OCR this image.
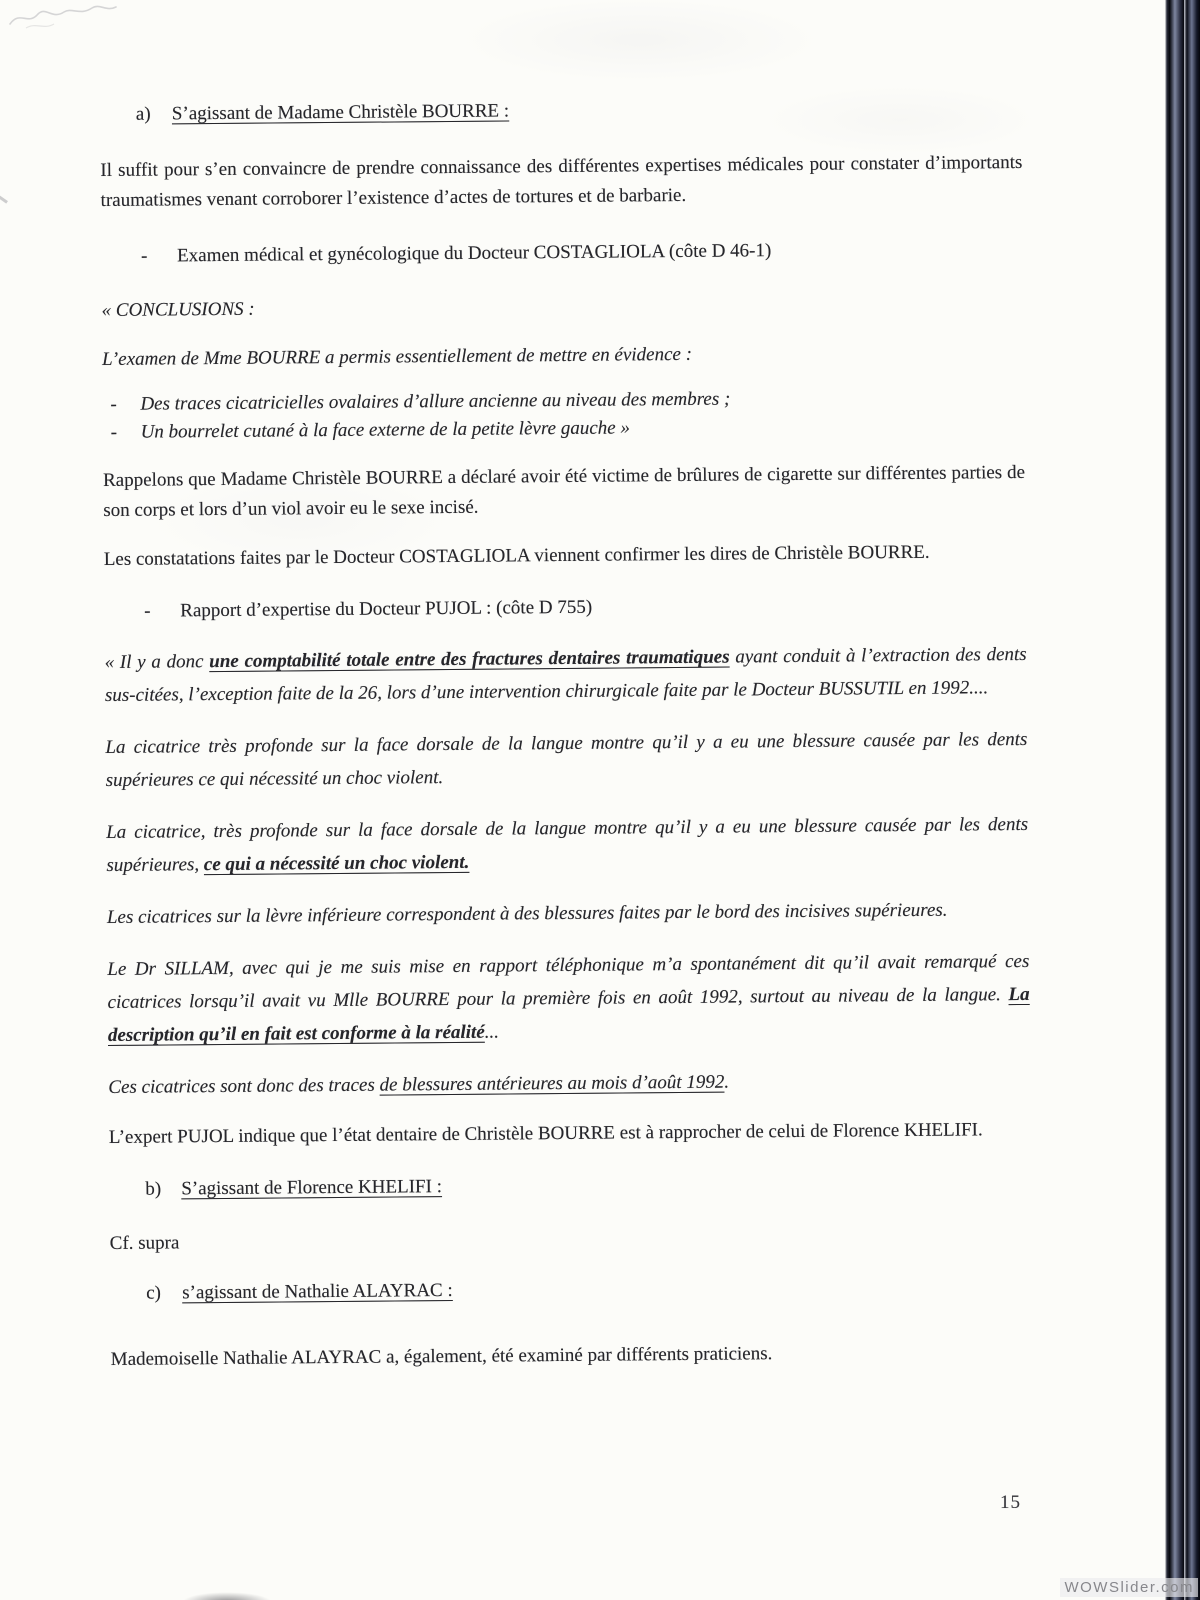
a)	S’agissant de Madame Christèle BOURRE :

Il suffit pour s’en convaincre de prendre connaissance des différentes expertises médicales pour constater d’importants traumatismes venant corroborer l’existence d’actes de tortures et de barbarie.

-	Examen médical et gynécologique du Docteur COSTAGLIOLA (côte D 46-1)

« CONCLUSIONS :

L’examen de Mme BOURRE a permis essentiellement de mettre en évidence :

-	Des traces cicatricielles ovalaires d’allure ancienne au niveau des membres ;
-	Un bourrelet cutané à la face externe de la petite lèvre gauche »

Rappelons que Madame Christèle BOURRE a déclaré avoir été victime de brûlures de cigarette sur différentes parties de son corps et lors d’un viol avoir eu le sexe incisé.

Les constatations faites par le Docteur COSTAGLIOLA viennent confirmer les dires de Christèle BOURRE.

-	Rapport d’expertise du Docteur PUJOL : (côte D 755)

« Il y a donc une comptabilité totale entre des fractures dentaires traumatiques ayant conduit à l’extraction des dents sus-citées, l’exception faite de la 26, lors d’une intervention chirurgicale faite par le Docteur BUSSUTIL en 1992....

La cicatrice très profonde sur la face dorsale de la langue montre qu’il y a eu une blessure causée par les dents supérieures ce qui nécessité un choc violent.

La cicatrice, très profonde sur la face dorsale de la langue montre qu’il y a eu une blessure causée par les dents supérieures, ce qui a nécessité un choc violent.

Les cicatrices sur la lèvre inférieure correspondent à des blessures faites par le bord des incisives supérieures.

Le Dr SILLAM, avec qui je me suis mise en rapport téléphonique m’a spontanément dit qu’il avait remarqué ces cicatrices lorsqu’il avait vu Mlle BOURRE pour la première fois en août 1992, surtout au niveau de la langue. La description qu’il en fait est conforme à la réalité...

Ces cicatrices sont donc des traces de blessures antérieures au mois d’août 1992.

L’expert PUJOL indique que l’état dentaire de Christèle BOURRE est à rapprocher de celui de Florence KHELIFI.

b)	S’agissant de Florence KHELIFI :

Cf. supra

c)	s’agissant de Nathalie ALAYRAC :

Mademoiselle Nathalie ALAYRAC a, également, été examiné par différents praticiens.

15
WOWSlider.com
